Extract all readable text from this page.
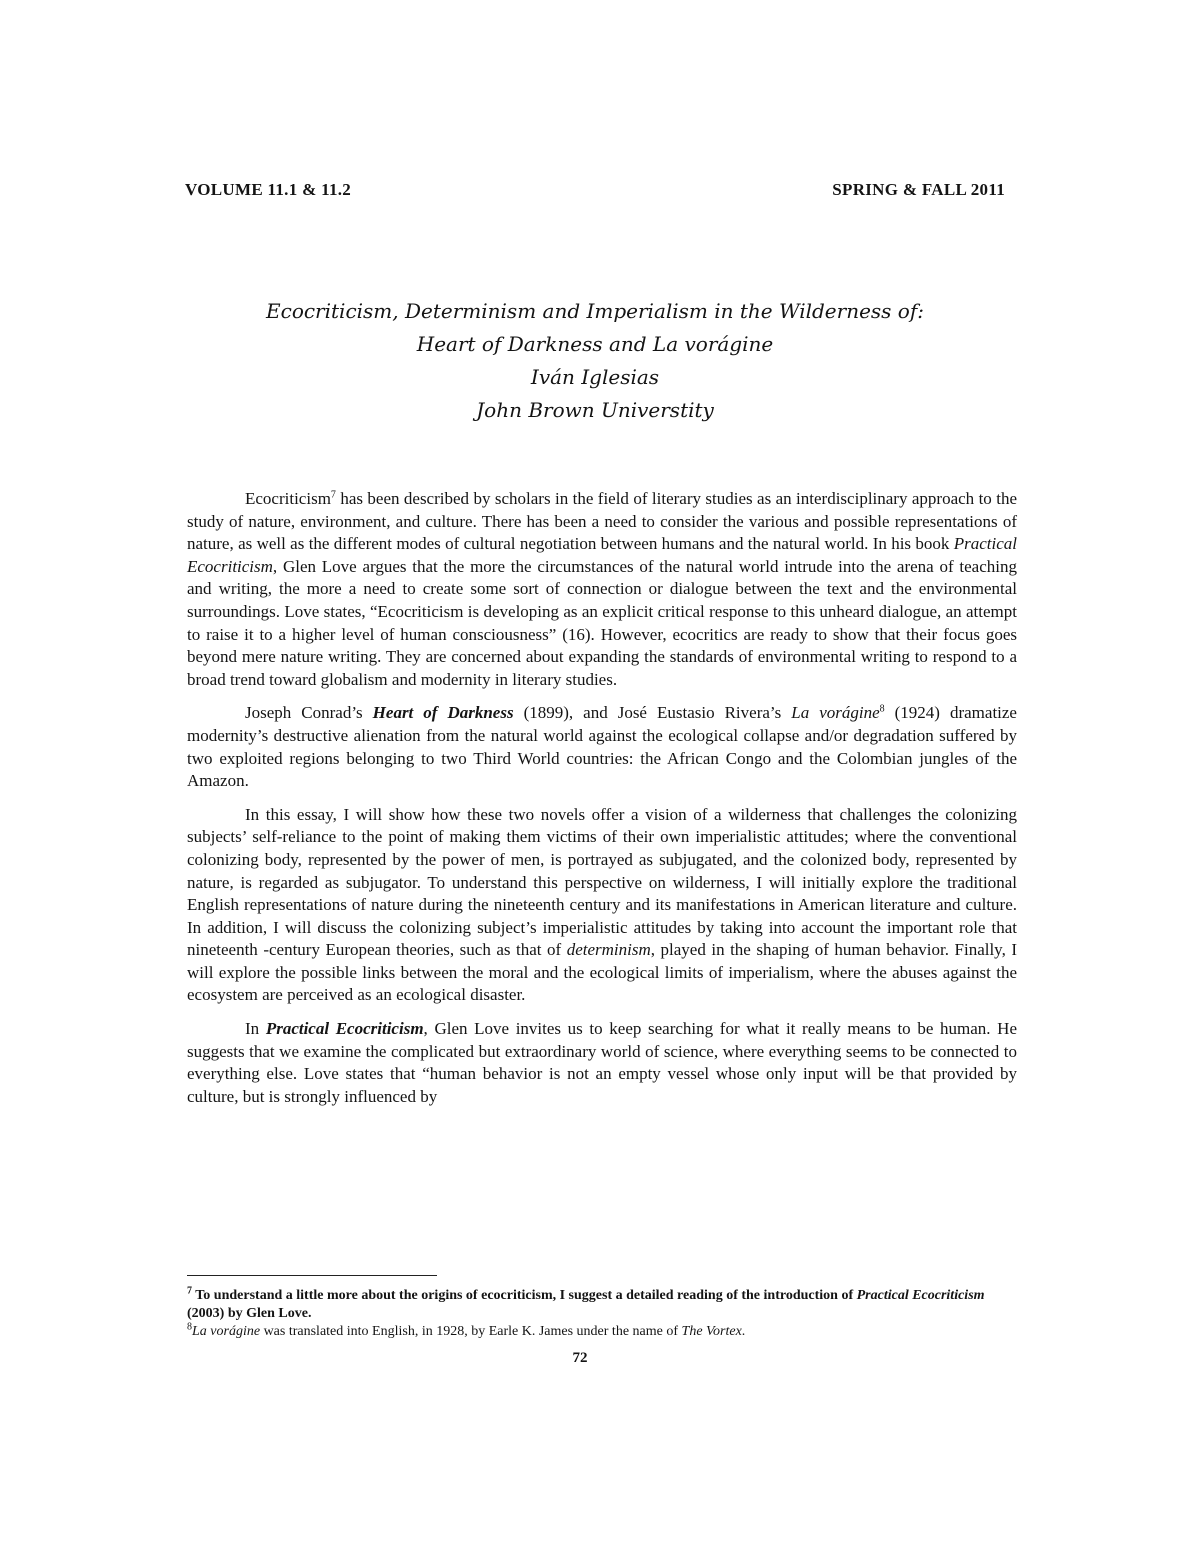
VOLUME 11.1 & 11.2	SPRING & FALL 2011
Ecocriticism, Determinism and Imperialism in the Wilderness of:
Heart of Darkness and La vorágine
Iván Iglesias
John Brown Universtity

Ecocriticism$^7$ has been described by scholars in the field of literary studies as an interdisciplinary approach to the study of nature, environment, and culture. There has been a need to consider the various and possible representations of nature, as well as the different modes of cultural negotiation between humans and the natural world. In his book Practical Ecocriticism, Glen Love argues that the more the circumstances of the natural world intrude into the arena of teaching and writing, the more a need to create some sort of connection or dialogue between the text and the environmental surroundings. Love states, “Ecocriticism is developing as an explicit critical response to this unheard dialogue, an attempt to raise it to a higher level of human consciousness” (16). However, ecocritics are ready to show that their focus goes beyond mere nature writing. They are concerned about expanding the standards of environmental writing to respond to a broad trend toward globalism and modernity in literary studies.

Joseph Conrad’s Heart of Darkness (1899), and José Eustasio Rivera’s La vorágine$^8$ (1924) dramatize modernity’s destructive alienation from the natural world against the ecological collapse and/or degradation suffered by two exploited regions belonging to two Third World countries: the African Congo and the Colombian jungles of the Amazon.

In this essay, I will show how these two novels offer a vision of a wilderness that challenges the colonizing subjects’ self-reliance to the point of making them victims of their own imperialistic attitudes; where the conventional colonizing body, represented by the power of men, is portrayed as subjugated, and the colonized body, represented by nature, is regarded as subjugator. To understand this perspective on wilderness, I will initially explore the traditional English representations of nature during the nineteenth century and its manifestations in American literature and culture. In addition, I will discuss the colonizing subject’s imperialistic attitudes by taking into account the important role that nineteenth -century European theories, such as that of determinism, played in the shaping of human behavior. Finally, I will explore the possible links between the moral and the ecological limits of imperialism, where the abuses against the ecosystem are perceived as an ecological disaster.

In Practical Ecocriticism, Glen Love invites us to keep searching for what it really means to be human. He suggests that we examine the complicated but extraordinary world of science, where everything seems to be connected to everything else. Love states that “human behavior is not an empty vessel whose only input will be that provided by culture, but is strongly influenced by

$^7$ To understand a little more about the origins of ecocriticism, I suggest a detailed reading of the introduction of Practical Ecocriticism (2003) by Glen Love.
$^8$La vorágine was translated into English, in 1928, by Earle K. James under the name of The Vortex.
72
